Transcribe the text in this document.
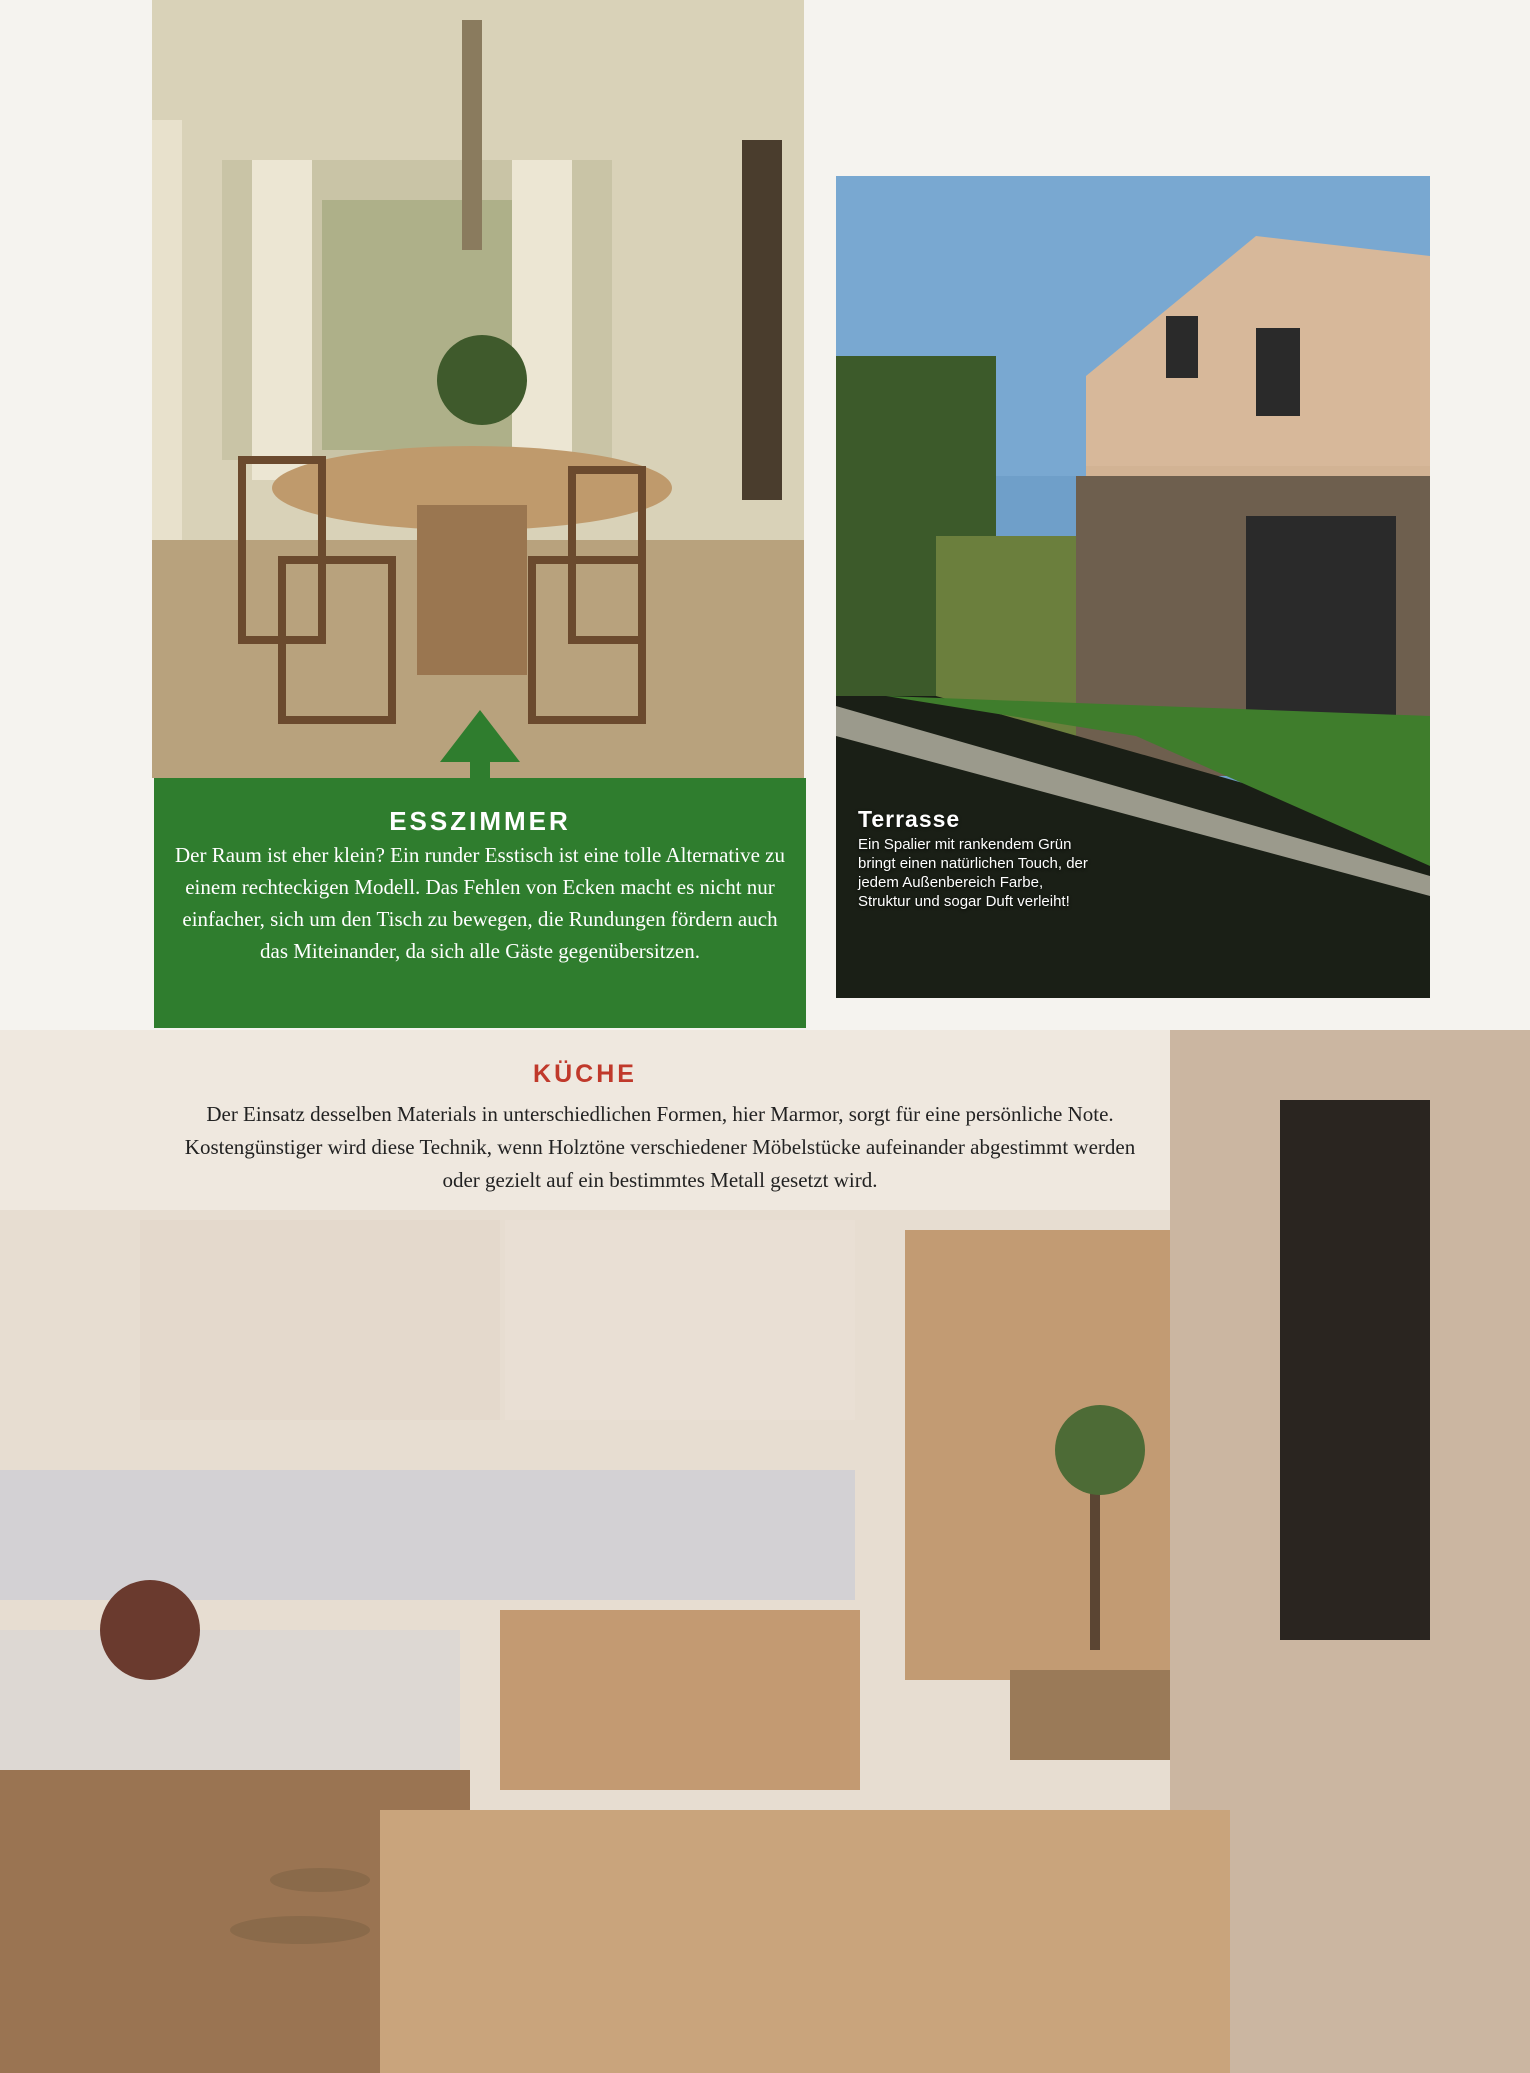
ESSZIMMER
Der Raum ist eher klein? Ein runder Esstisch ist eine tolle Alternative zu einem rechteckigen Modell. Das Fehlen von Ecken macht es nicht nur einfacher, sich um den Tisch zu bewegen, die Rundungen fördern auch das Miteinander, da sich alle Gäste gegenübersitzen.
Terrasse
Ein Spalier mit rankendem Grün bringt einen natürlichen Touch, der jedem Außenbereich Farbe, Struktur und sogar Duft verleiht!
KÜCHE
Der Einsatz desselben Materials in unterschiedlichen Formen, hier Marmor, sorgt für eine persönliche Note. Kostengünstiger wird diese Technik, wenn Holztöne verschiedener Möbelstücke aufeinander abgestimmt werden oder gezielt auf ein bestimmtes Metall gesetzt wird.
